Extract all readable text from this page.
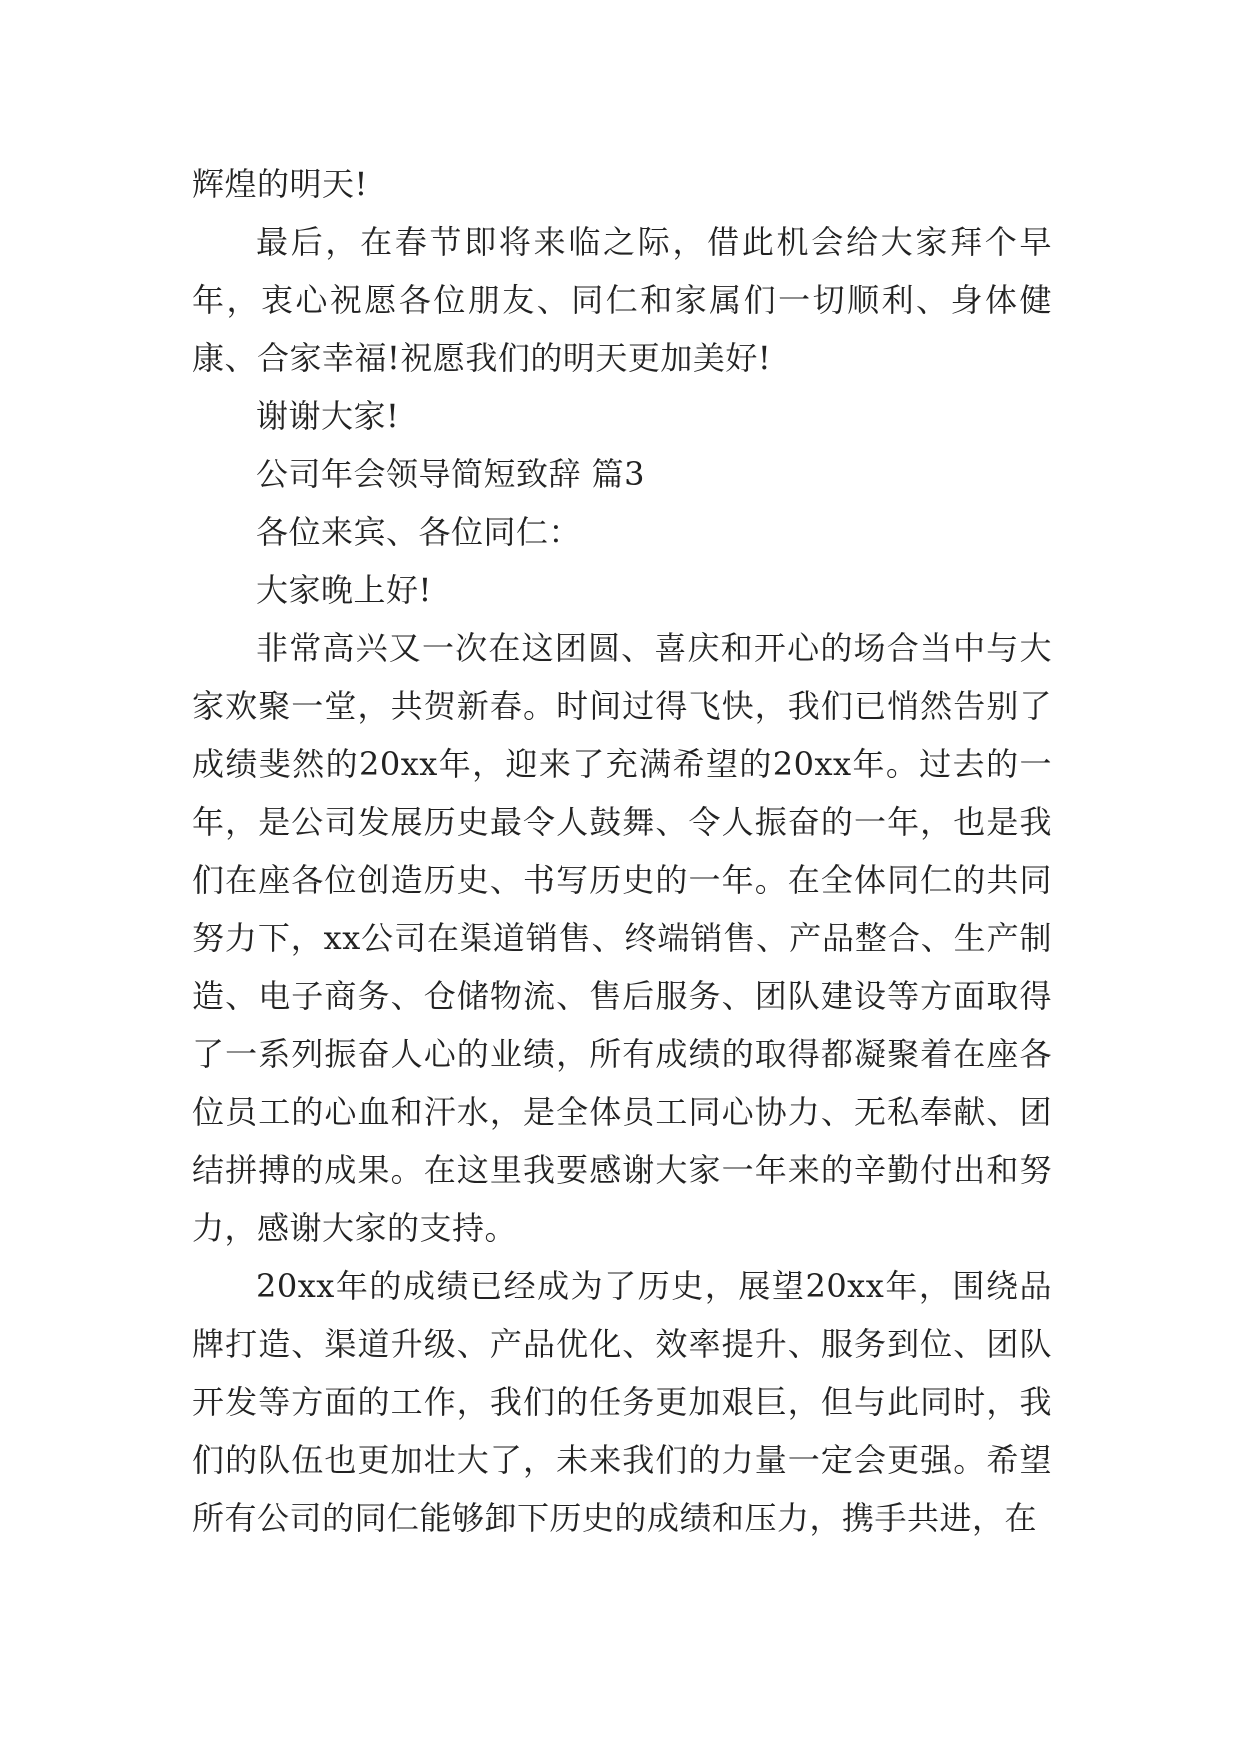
辉煌的明天!

最后，在春节即将来临之际，借此机会给大家拜个早年，衷心祝愿各位朋友、同仁和家属们一切顺利、身体健康、合家幸福!祝愿我们的明天更加美好!

谢谢大家!

公司年会领导简短致辞 篇3

各位来宾、各位同仁：

大家晚上好!

非常高兴又一次在这团圆、喜庆和开心的场合当中与大家欢聚一堂，共贺新春。时间过得飞快，我们已悄然告别了成绩斐然的20xx年，迎来了充满希望的20xx年。过去的一年，是公司发展历史最令人鼓舞、令人振奋的一年，也是我们在座各位创造历史、书写历史的一年。在全体同仁的共同努力下，xx公司在渠道销售、终端销售、产品整合、生产制造、电子商务、仓储物流、售后服务、团队建设等方面取得了一系列振奋人心的业绩，所有成绩的取得都凝聚着在座各位员工的心血和汗水，是全体员工同心协力、无私奉献、团结拼搏的成果。在这里我要感谢大家一年来的辛勤付出和努力，感谢大家的支持。

20xx年的成绩已经成为了历史，展望20xx年，围绕品牌打造、渠道升级、产品优化、效率提升、服务到位、团队开发等方面的工作，我们的任务更加艰巨，但与此同时，我们的队伍也更加壮大了，未来我们的力量一定会更强。希望所有公司的同仁能够卸下历史的成绩和压力，携手共进，在
